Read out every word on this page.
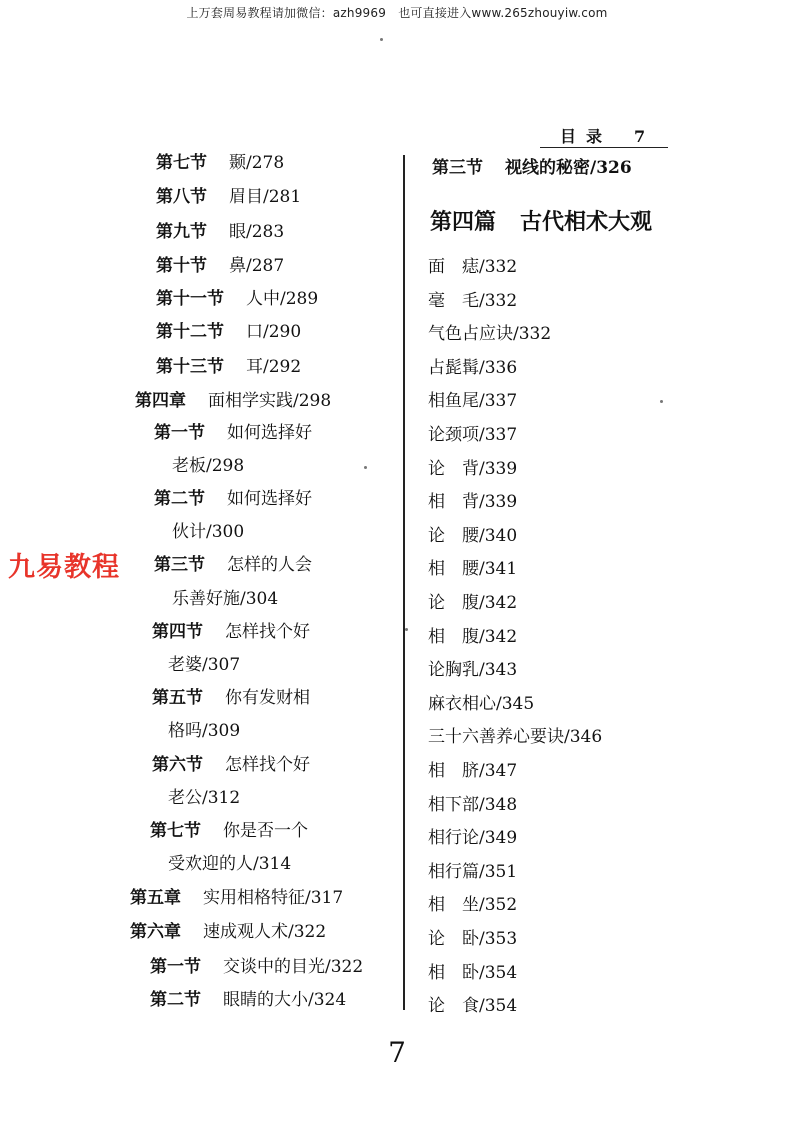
上万套周易教程请加微信：azh9969　也可直接进入www.265zhouyiw.com
目录 7
第七节 颞/278
第八节 眉目/281
第九节 眼/283
第十节 鼻/287
第十一节 人中/289
第十二节 口/290
第十三节 耳/292
第四章 面相学实践/298
第一节 如何选择好
老板/298
第二节 如何选择好
伙计/300
第三节 怎样的人会
乐善好施/304
第四节 怎样找个好
老婆/307
第五节 你有发财相
格吗/309
第六节 怎样找个好
老公/312
第七节 你是否一个
受欢迎的人/314
第五章 实用相格特征/317
第六章 速成观人术/322
第一节 交谈中的目光/322
第二节 眼睛的大小/324
第三节 视线的秘密/326
第四篇 古代相术大观
面　痣/332
毫　毛/332
气色占应诀/332
占髭髯/336
相鱼尾/337
论颈项/337
论　背/339
相　背/339
论　腰/340
相　腰/341
论　腹/342
相　腹/342
论胸乳/343
麻衣相心/345
三十六善养心要诀/346
相　脐/347
相下部/348
相行论/349
相行篇/351
相　坐/352
论　卧/353
相　卧/354
论　食/354
九易教程
7
